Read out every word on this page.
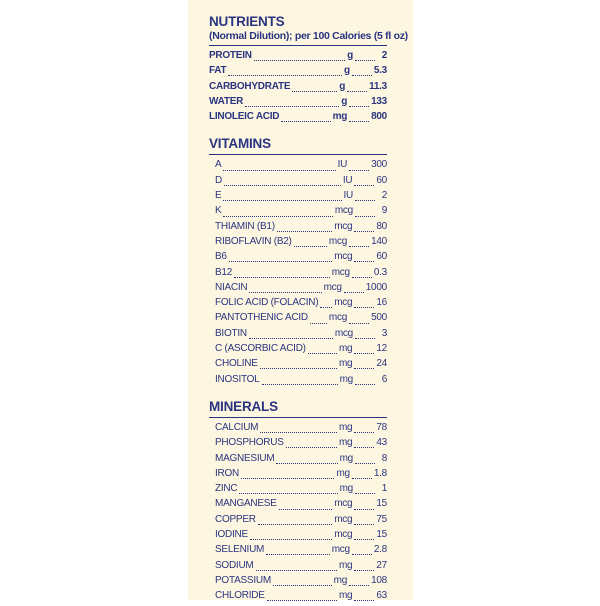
NUTRIENTS
(Normal Dilution); per 100 Calories (5 fl oz)
PROTEIN	g	2
FAT	g 5.3
CARBOHYDRATE	g 11.3
WATER	g 133
LINOLEIC ACID	mg 800
VITAMINS
A	IU 300
D	IU 60
E	IU	2
K	mcg	9
THIAMIN (B1)	mcg 80
RIBOFLAVIN (B2)	mcg 140
B6	mcg 60
B12	mcg 0.3
NIACIN	mcg 1000
FOLIC ACID (FOLACIN) mcg 16
PANTOTHENIC ACID mcg 500
BIOTIN	mcg	3
C (ASCORBIC ACID)	mg 12
CHOLINE	mg 24
INOSITOL	mg	6
MINERALS
CALCIUM	mg 78
PHOSPHORUS	mg 43
MAGNESIUM	mg	8
IRON	mg 1.8
ZINC	mg	1
MANGANESE	mcg 15
COPPER	mcg 75
IODINE	mcg 15
SELENIUM	mcg 2.8
SODIUM	mg 27
POTASSIUM	mg 108
CHLORIDE	mg 63
